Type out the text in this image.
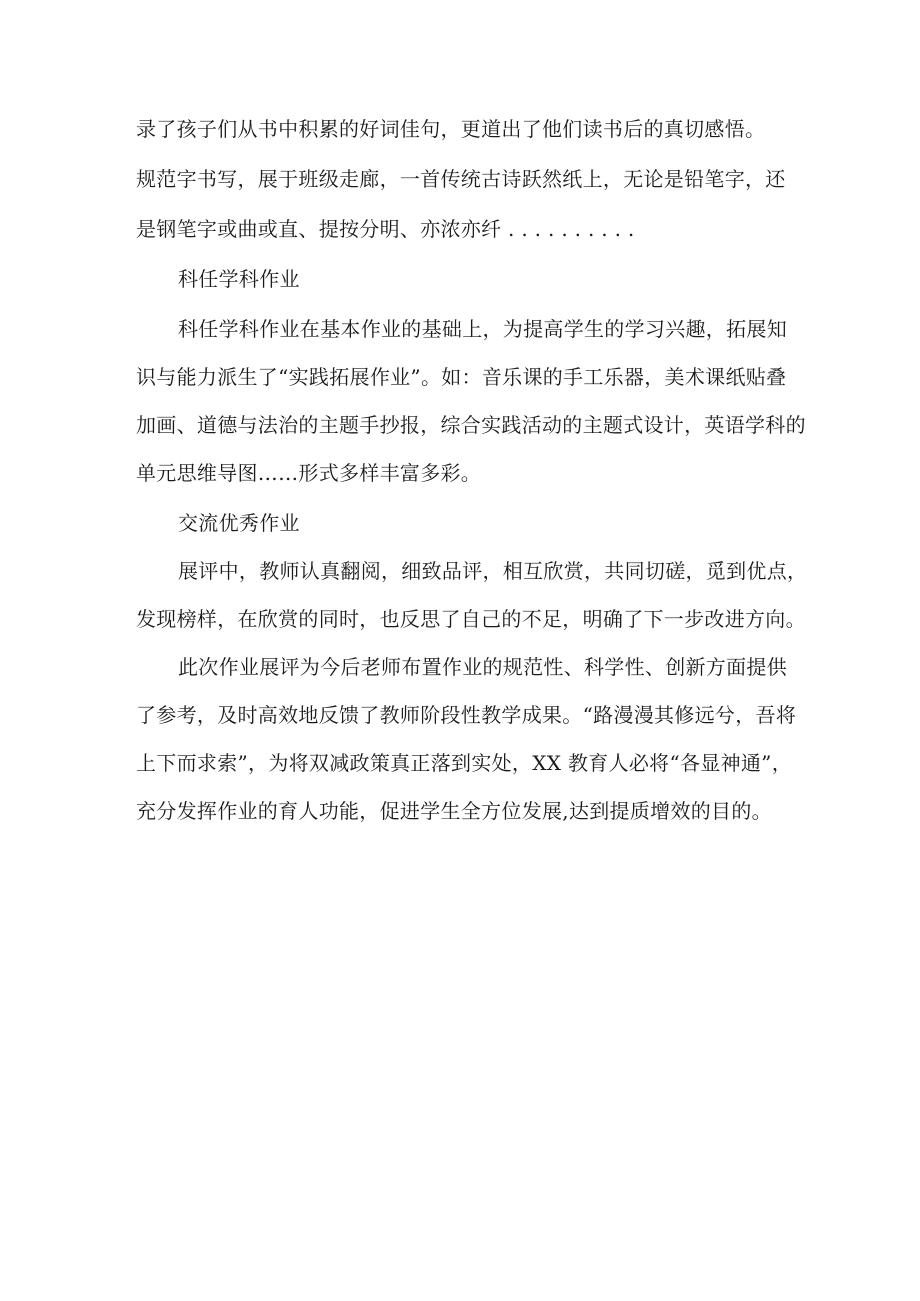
录了孩子们从书中积累的好词佳句，更道出了他们读书后的真切感悟。

规范字书写，展于班级走廊，一首传统古诗跃然纸上，无论是铅笔字，还

是钢笔字或曲或直、提按分明、亦浓亦纤 . . . . . . . . . .

科任学科作业

科任学科作业在基本作业的基础上，为提高学生的学习兴趣，拓展知

识与能力派生了“实践拓展作业”。如：音乐课的手工乐器，美术课纸贴叠

加画、道德与法治的主题手抄报，综合实践活动的主题式设计，英语学科的

单元思维导图……形式多样丰富多彩。

交流优秀作业

展评中，教师认真翻阅，细致品评，相互欣赏，共同切磋，觅到优点，

发现榜样，在欣赏的同时，也反思了自己的不足，明确了下一步改进方向。

此次作业展评为今后老师布置作业的规范性、科学性、创新方面提供

了参考，及时高效地反馈了教师阶段性教学成果。“路漫漫其修远兮，吾将

上下而求索”，为将双减政策真正落到实处，XX 教育人必将“各显神通”，

充分发挥作业的育人功能，促进学生全方位发展,达到提质增效的目的。
